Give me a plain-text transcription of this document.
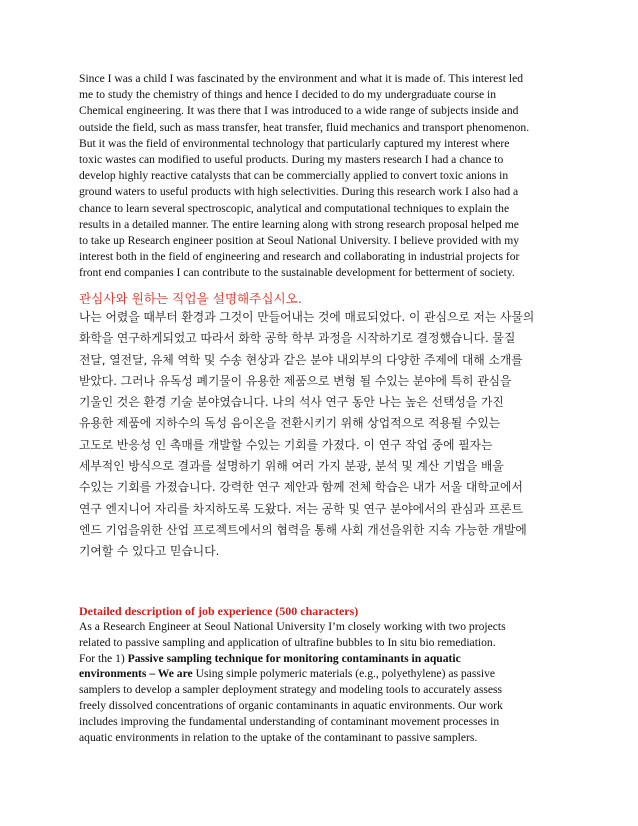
Since I was a child I was fascinated by the environment and what it is made of. This interest led
me to study the chemistry of things and hence I decided to do my undergraduate course in
Chemical engineering. It was there that I was introduced to a wide range of subjects inside and
outside the field, such as mass transfer, heat transfer, fluid mechanics and transport phenomenon.
But it was the field of environmental technology that particularly captured my interest where
toxic wastes can modified to useful products. During my masters research I had a chance to
develop highly reactive catalysts that can be commercially applied to convert toxic anions in
ground waters to useful products with high selectivities. During this research work I also had a
chance to learn several spectroscopic, analytical and computational techniques to explain the
results in a detailed manner. The entire learning along with strong research proposal helped me
to take up Research engineer position at Seoul National University. I believe provided with my
interest both in the field of engineering and research and collaborating in industrial projects for
front end companies I can contribute to the sustainable development for betterment of society.
관심사와 원하는 직업을 설명해주십시오.
나는 어렸을 때부터 환경과 그것이 만들어내는 것에 매료되었다. 이 관심으로 저는 사물의
화학을 연구하게되었고 따라서 화학 공학 학부 과정을 시작하기로 결정했습니다. 물질
전달, 열전달, 유체 역학 및 수송 현상과 같은 분야 내외부의 다양한 주제에 대해 소개를
받았다. 그러나 유독성 폐기물이 유용한 제품으로 변형 될 수있는 분야에 특히 관심을
기울인 것은 환경 기술 분야였습니다. 나의 석사 연구 동안 나는 높은 선택성을 가진
유용한 제품에 지하수의 독성 음이온을 전환시키기 위해 상업적으로 적용될 수있는
고도로 반응성 인 촉매를 개발할 수있는 기회를 가졌다. 이 연구 작업 중에 필자는
세부적인 방식으로 결과를 설명하기 위해 여러 가지 분광, 분석 및 계산 기법을 배울
수있는 기회를 가졌습니다. 강력한 연구 제안과 함께 전체 학습은 내가 서울 대학교에서
연구 엔지니어 자리를 차지하도록 도왔다. 저는 공학 및 연구 분야에서의 관심과 프론트
엔드 기업을위한 산업 프로젝트에서의 협력을 통해 사회 개선을위한 지속 가능한 개발에
기여할 수 있다고 믿습니다.
Detailed description of job experience (500 characters)
As a Research Engineer at Seoul National University I’m closely working with two projects
related to passive sampling and application of ultrafine bubbles to In situ bio remediation.
For the 1) Passive sampling technique for monitoring contaminants in aquatic
environments – We are Using simple polymeric materials (e.g., polyethylene) as passive
samplers to develop a sampler deployment strategy and modeling tools to accurately assess
freely dissolved concentrations of organic contaminants in aquatic environments. Our work
includes improving the fundamental understanding of contaminant movement processes in
aquatic environments in relation to the uptake of the contaminant to passive samplers.
